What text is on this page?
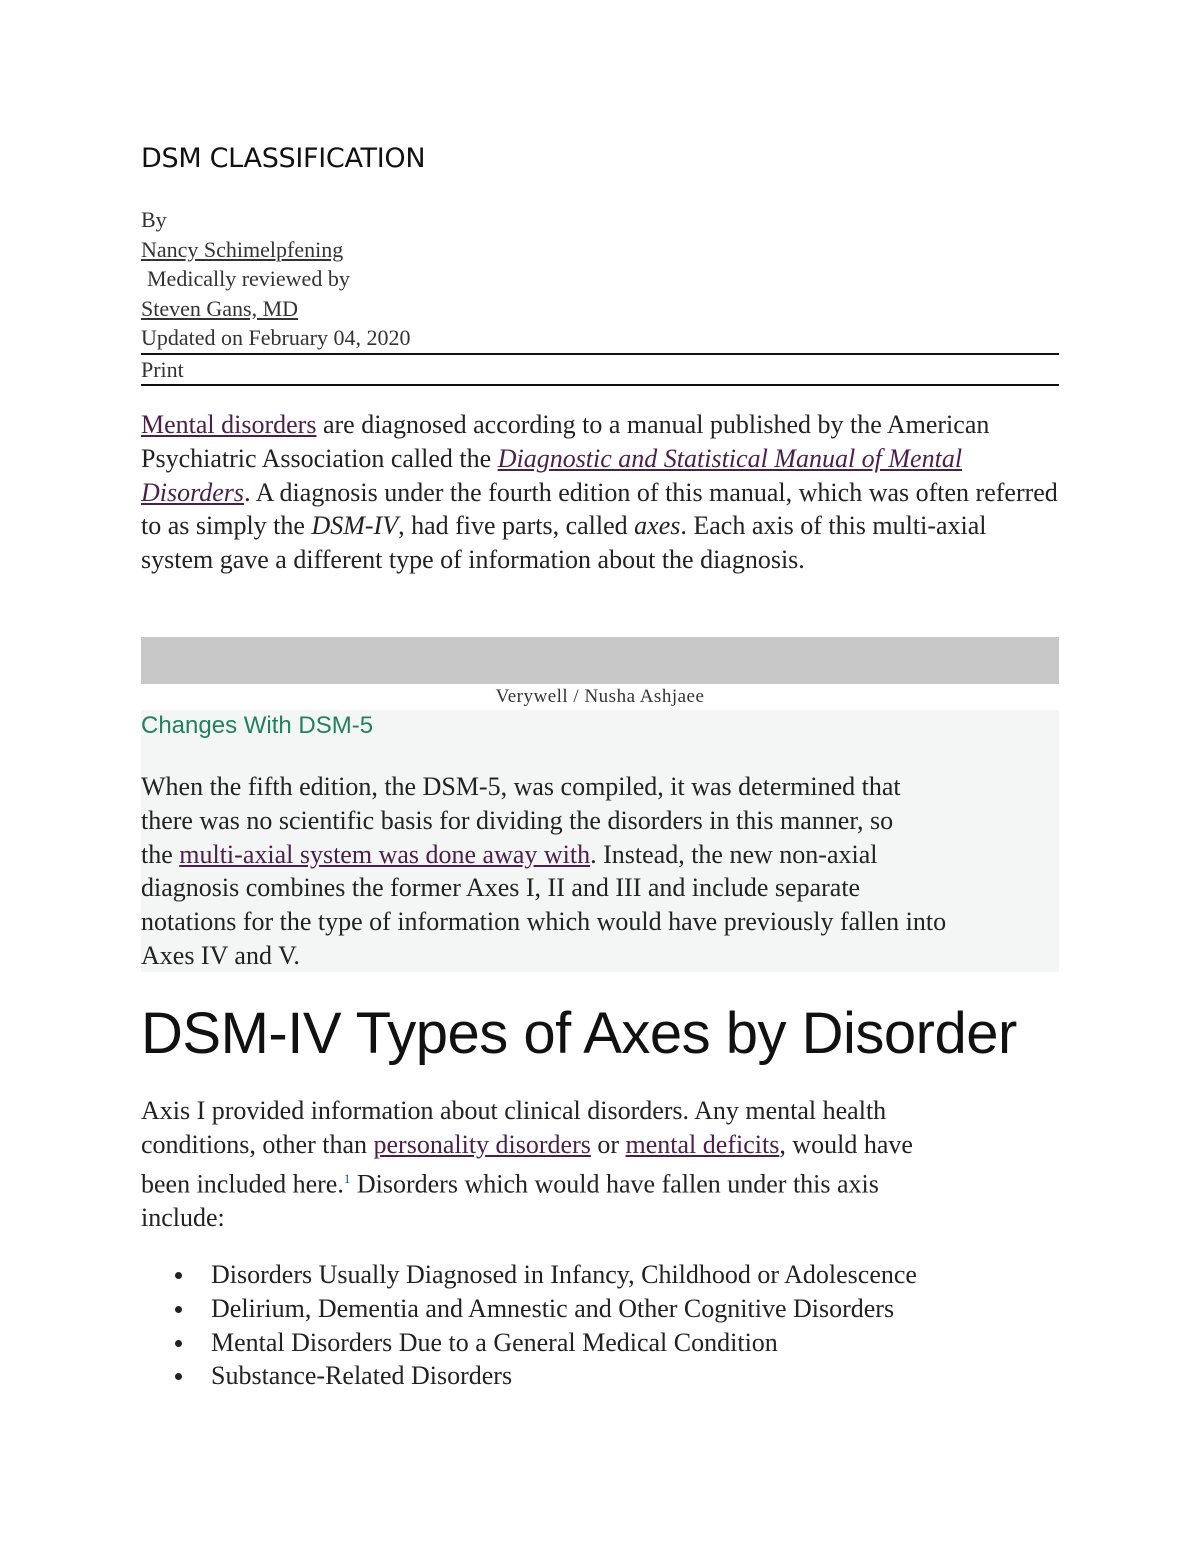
DSM CLASSIFICATION
By
Nancy Schimelpfening
Medically reviewed by
Steven Gans, MD
Updated on February 04, 2020
Print

Mental disorders are diagnosed according to a manual published by the American Psychiatric Association called the Diagnostic and Statistical Manual of Mental Disorders. A diagnosis under the fourth edition of this manual, which was often referred to as simply the DSM-IV, had five parts, called axes. Each axis of this multi-axial system gave a different type of information about the diagnosis.

Verywell / Nusha Ashjaee
Changes With DSM-5
When the fifth edition, the DSM-5, was compiled, it was determined that
there was no scientific basis for dividing the disorders in this manner, so
the multi-axial system was done away with. Instead, the new non-axial
diagnosis combines the former Axes I, II and III and include separate
notations for the type of information which would have previously fallen into
Axes IV and V.
DSM-IV Types of Axes by Disorder
Axis I provided information about clinical disorders. Any mental health
conditions, other than personality disorders or mental deficits, would have
been included here.$^1$ Disorders which would have fallen under this axis
include:
Disorders Usually Diagnosed in Infancy, Childhood or Adolescence
Delirium, Dementia and Amnestic and Other Cognitive Disorders
Mental Disorders Due to a General Medical Condition
Substance-Related Disorders
